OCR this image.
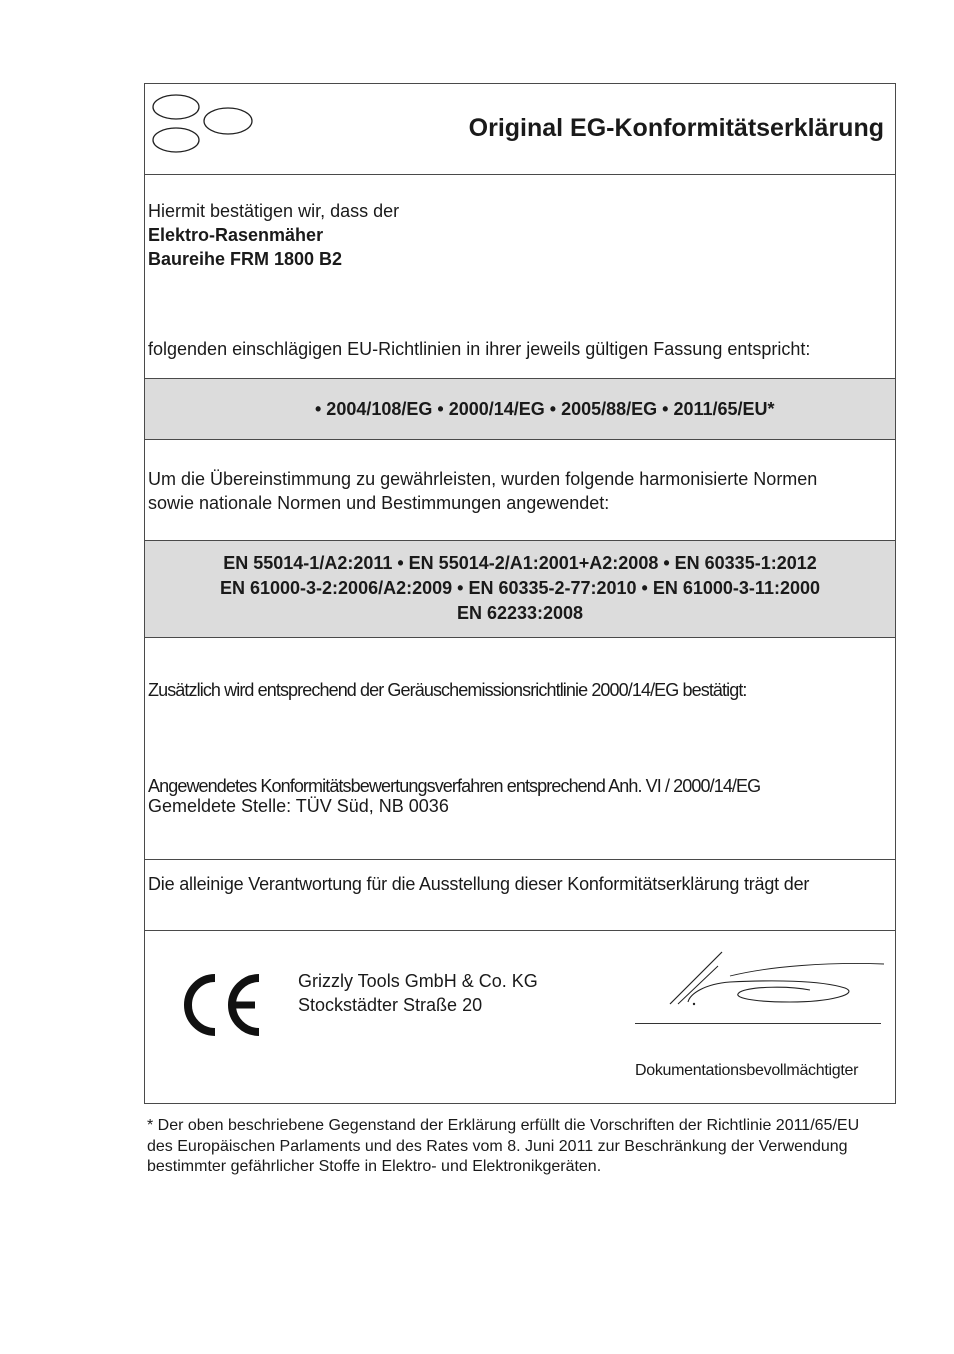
Original EG-Konformitätserklärung
Hiermit bestätigen wir, dass der
Elektro-Rasenmäher
Baureihe FRM 1800 B2
folgenden einschlägigen EU-Richtlinien in ihrer jeweils gültigen Fassung entspricht:
• 2004/108/EG • 2000/14/EG • 2005/88/EG • 2011/65/EU*
Um die Übereinstimmung zu gewährleisten, wurden folgende harmonisierte Normen
sowie nationale Normen und Bestimmungen angewendet:
EN 55014-1/A2:2011 • EN 55014-2/A1:2001+A2:2008 • EN 60335-1:2012
EN 61000-3-2:2006/A2:2009 • EN 60335-2-77:2010 • EN 61000-3-11:2000
EN 62233:2008
Zusätzlich wird entsprechend der Geräuschemissionsrichtlinie 2000/14/EG bestätigt:
Angewendetes Konformitätsbewertungsverfahren entsprechend Anh. VI / 2000/14/EG
Gemeldete Stelle: TÜV Süd, NB 0036
Die alleinige Verantwortung für die Ausstellung dieser Konformitätserklärung trägt der
Grizzly Tools GmbH & Co. KG
Stockstädter Straße 20
Dokumentationsbevollmächtigter
* Der oben beschriebene Gegenstand der Erklärung erfüllt die Vorschriften der Richtlinie 2011/65/EU des Europäischen Parlaments und des Rates vom 8. Juni 2011 zur Beschränkung der Verwendung bestimmter gefährlicher Stoffe in Elektro- und Elektronikgeräten.
